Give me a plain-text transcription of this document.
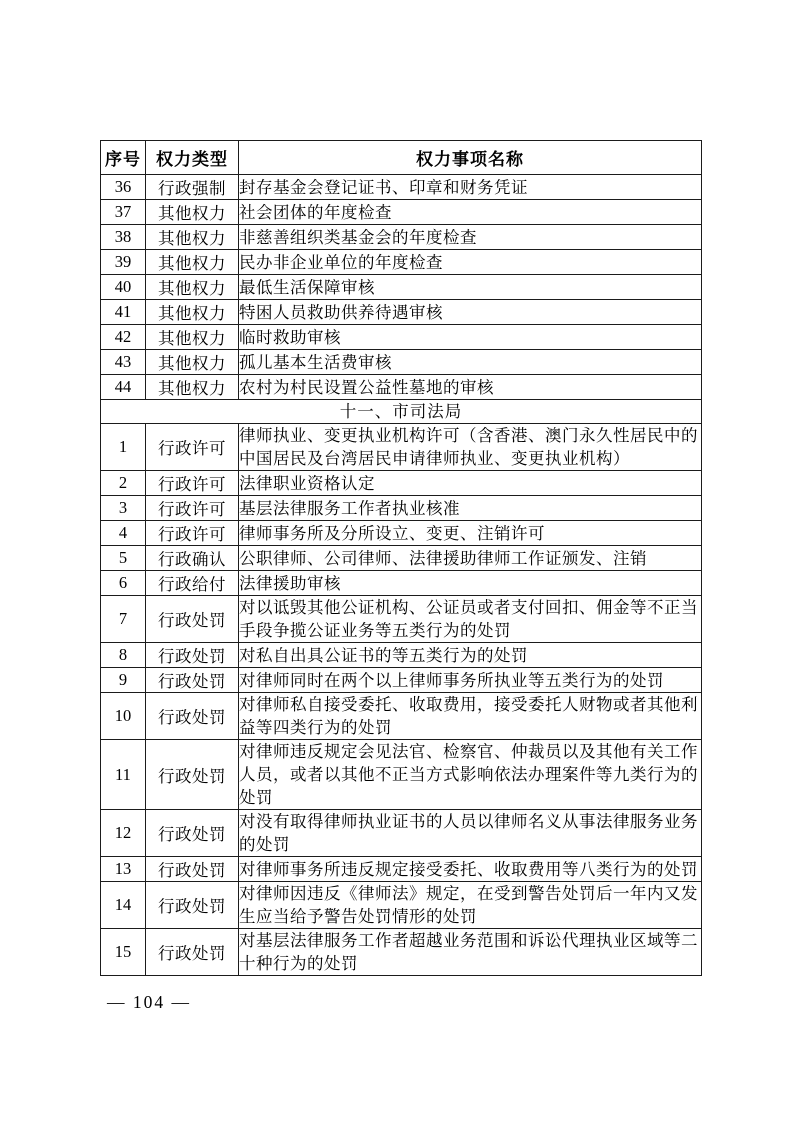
序号	权力类型	权力事项名称
36	行政强制	封存基金会登记证书、印章和财务凭证
37	其他权力	社会团体的年度检查
38	其他权力	非慈善组织类基金会的年度检查
39	其他权力	民办非企业单位的年度检查
40	其他权力	最低生活保障审核
41	其他权力	特困人员救助供养待遇审核
42	其他权力	临时救助审核
43	其他权力	孤儿基本生活费审核
44	其他权力	农村为村民设置公益性墓地的审核
十一、市司法局		
1	行政许可	律师执业、变更执业机构许可（含香港、澳门永久性居民中的中国居民及台湾居民申请律师执业、变更执业机构）
2	行政许可	法律职业资格认定
3	行政许可	基层法律服务工作者执业核准
4	行政许可	律师事务所及分所设立、变更、注销许可
5	行政确认	公职律师、公司律师、法律援助律师工作证颁发、注销
6	行政给付	法律援助审核
7	行政处罚	对以诋毁其他公证机构、公证员或者支付回扣、佣金等不正当手段争揽公证业务等五类行为的处罚
8	行政处罚	对私自出具公证书的等五类行为的处罚
9	行政处罚	对律师同时在两个以上律师事务所执业等五类行为的处罚
10	行政处罚	对律师私自接受委托、收取费用，接受委托人财物或者其他利益等四类行为的处罚
11	行政处罚	对律师违反规定会见法官、检察官、仲裁员以及其他有关工作人员，或者以其他不正当方式影响依法办理案件等九类行为的处罚
12	行政处罚	对没有取得律师执业证书的人员以律师名义从事法律服务业务的处罚
13	行政处罚	对律师事务所违反规定接受委托、收取费用等八类行为的处罚
14	行政处罚	对律师因违反《律师法》规定，在受到警告处罚后一年内又发生应当给予警告处罚情形的处罚
15	行政处罚	对基层法律服务工作者超越业务范围和诉讼代理执业区域等二十种行为的处罚
— 104 —
